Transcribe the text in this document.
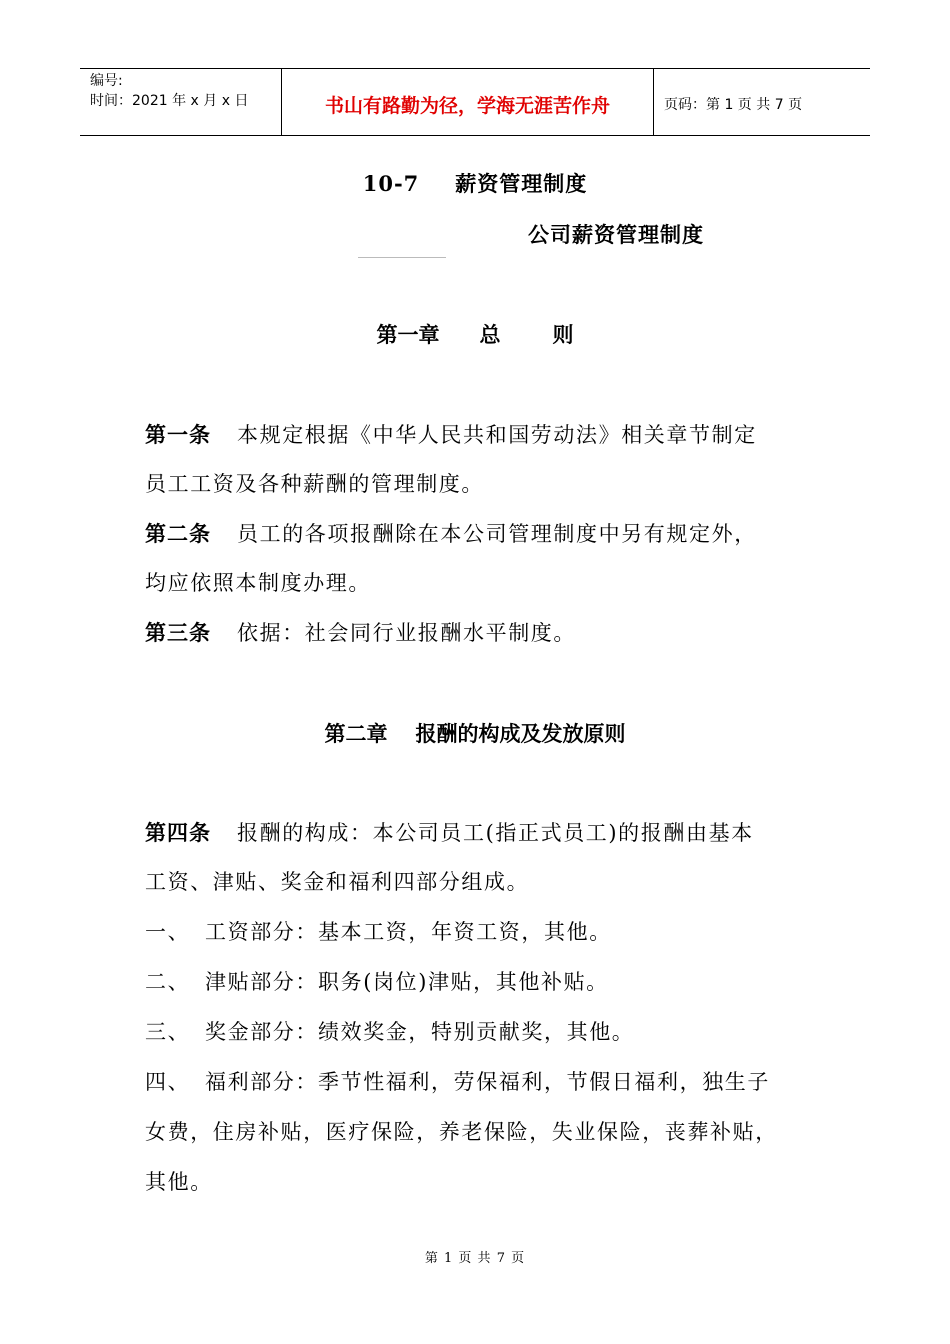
编号:
时间：2021 年 x 月 x 日	书山有路勤为径，学海无涯苦作舟	页码：第 1 页 共 7 页
10-7 薪资管理制度
公司薪资管理制度
第一章 总 则
第一条 本规定根据《中华人民共和国劳动法》相关章节制定
员工工资及各种薪酬的管理制度。
第二条 员工的各项报酬除在本公司管理制度中另有规定外，
均应依照本制度办理。
第三条 依据：社会同行业报酬水平制度。
第二章 报酬的构成及发放原则
第四条 报酬的构成：本公司员工(指正式员工)的报酬由基本
工资、津贴、奖金和福利四部分组成。
一、 工资部分：基本工资，年资工资，其他。
二、 津贴部分：职务(岗位)津贴，其他补贴。
三、 奖金部分：绩效奖金，特别贡献奖，其他。
四、 福利部分：季节性福利，劳保福利，节假日福利，独生子
女费，住房补贴，医疗保险，养老保险，失业保险，丧葬补贴，
其他。
第 1 页 共 7 页
